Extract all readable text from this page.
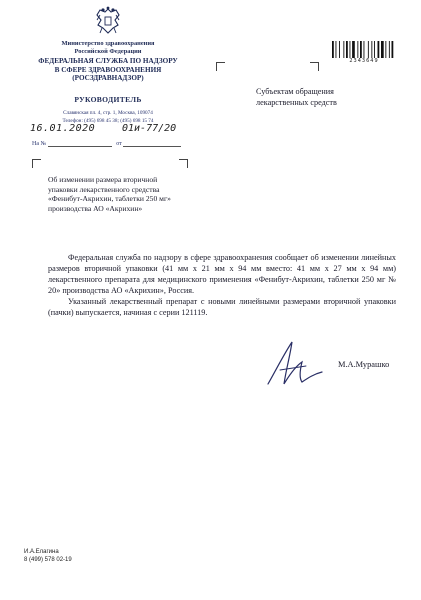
Министерство здравоохранения
Российской Федерации
ФЕДЕРАЛЬНАЯ СЛУЖБА ПО НАДЗОРУ
В СФЕРЕ ЗДРАВООХРАНЕНИЯ
(РОСЗДРАВНАДЗОР)
РУКОВОДИТЕЛЬ
Славянская пл. 4, стр. 1, Москва, 109074
Телефон: (495) 698 45 38; (495) 698 15 74
16.01.2020	01и-77/20
На №	от
2343649
Субъектам обращения
лекарственных средств
Об изменении размера вторичной
упаковки лекарственного средства
«Фенибут-Акрихин, таблетки 250 мг»
производства АО «Акрихин»

Федеральная служба по надзору в сфере здравоохранения сообщает об изменении линейных размеров вторичной упаковки (41 мм х 21 мм х 94 мм вместо: 41 мм х 27 мм х 94 мм) лекарственного препарата для медицинского применения «Фенибут-Акрихин, таблетки 250 мг № 20» производства АО «Акрихин», Россия.

Указанный лекарственный препарат с новыми линейными размерами вторичной упаковки (пачки) выпускается, начиная с серии 121119.

М.А.Мурашко
И.А.Елагина
8 (499) 578 02-19
